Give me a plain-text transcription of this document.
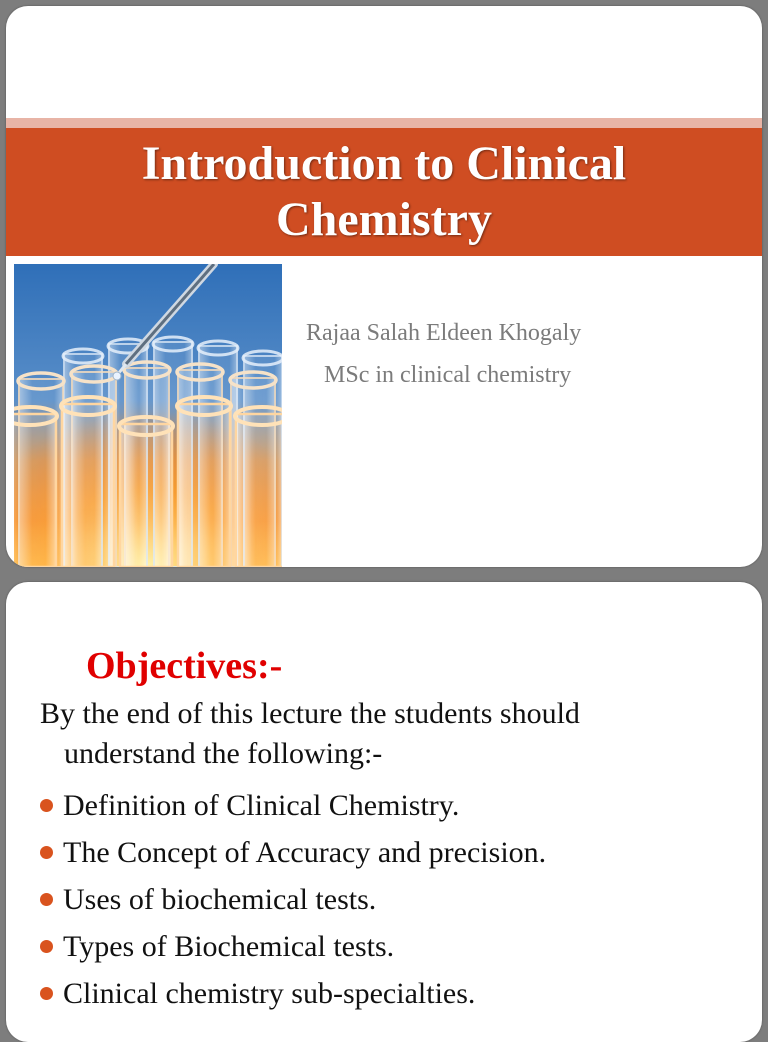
Introduction to Clinical Chemistry
Rajaa Salah Eldeen Khogaly
MSc in clinical chemistry
Objectives:-
By the end of this lecture the students should
understand the following:-
Definition of Clinical Chemistry.
The Concept of Accuracy and precision.
Uses of biochemical tests.
Types of Biochemical tests.
Clinical chemistry sub-specialties.
